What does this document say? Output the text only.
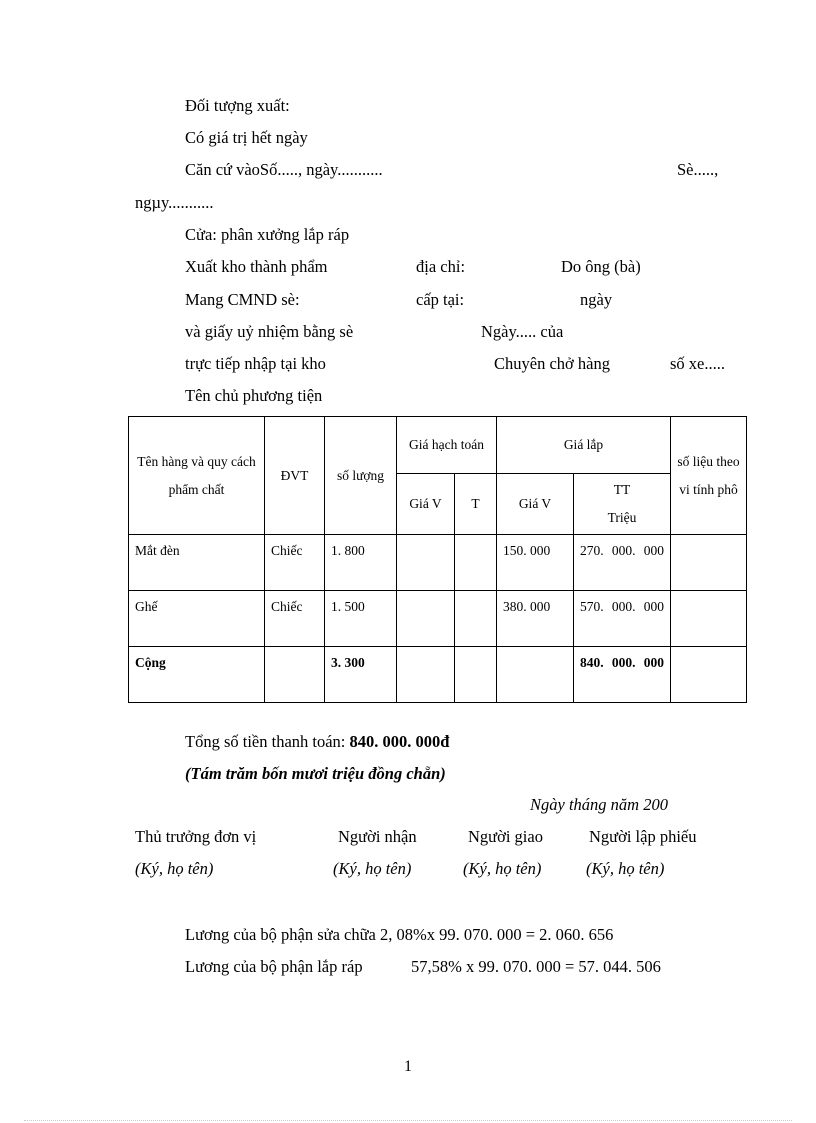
Đối tượng xuất:
Có giá trị hết ngày
Căn cứ vàoSố....., ngày...........	Sè.....,
ngµy...........
Cửa: phân xưởng lắp ráp
Xuất kho thành phẩm	địa chỉ:	Do ông (bà)
Mang CMND sè:	cấp tại:	ngày
và giấy uỷ nhiệm bằng sè	Ngày..... của
trực tiếp nhập tại kho	Chuyên chở hàng	số xe.....
Tên chủ phương tiện
Tên hàng và quy cách phẩm chất	ĐVT	số lượng	Giá hạch toán		Giá lắp		số liệu theo vi tính phô
			Giá V	T	Giá V	TT
Triệu	

Mắt đèn	Chiếc	1. 800			150. 000	270. 000. 000	
Ghế	Chiếc	1. 500			380. 000	570. 000. 000	
Cộng		3. 300				840. 000. 000	
Tổng số tiền thanh toán: 840. 000. 000đ
(Tám trăm bốn mươi triệu đồng chẵn)
Ngày tháng năm 200
Thủ trưởng đơn vị	Người nhận	Người giao	Người lập phiếu
(Ký, họ tên)	(Ký, họ tên)	(Ký, họ tên)	(Ký, họ tên)
Lương của bộ phận sửa chữa 2, 08%x 99. 070. 000 = 2. 060. 656
Lương của bộ phận lắp ráp	57,58% x 99. 070. 000 = 57. 044. 506
1
